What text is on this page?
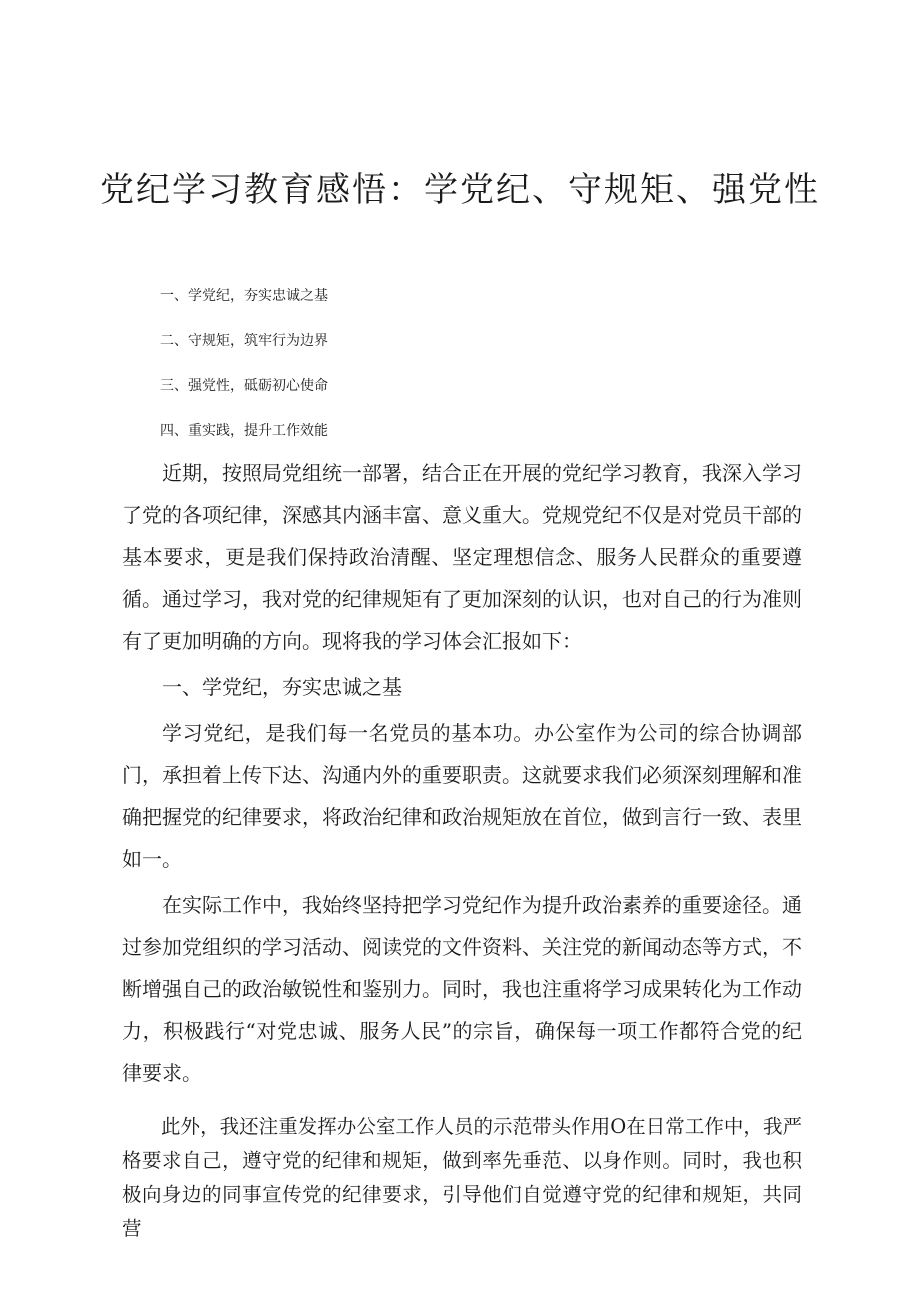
党纪学习教育感悟：学党纪、守规矩、强党性
一、学党纪，夯实忠诚之基
二、守规矩，筑牢行为边界
三、强党性，砥砺初心使命
四、重实践，提升工作效能

近期，按照局党组统一部署，结合正在开展的党纪学习教育，我深入学习了党的各项纪律，深感其内涵丰富、意义重大。党规党纪不仅是对党员干部的基本要求，更是我们保持政治清醒、坚定理想信念、服务人民群众的重要遵循。通过学习，我对党的纪律规矩有了更加深刻的认识，也对自己的行为准则有了更加明确的方向。现将我的学习体会汇报如下：

一、学党纪，夯实忠诚之基

学习党纪，是我们每一名党员的基本功。办公室作为公司的综合协调部门，承担着上传下达、沟通内外的重要职责。这就要求我们必须深刻理解和准确把握党的纪律要求，将政治纪律和政治规矩放在首位，做到言行一致、表里如一。

在实际工作中，我始终坚持把学习党纪作为提升政治素养的重要途径。通过参加党组织的学习活动、阅读党的文件资料、关注党的新闻动态等方式，不断增强自己的政治敏锐性和鉴别力。同时，我也注重将学习成果转化为工作动力，积极践行“对党忠诚、服务人民”的宗旨，确保每一项工作都符合党的纪律要求。

此外，我还注重发挥办公室工作人员的示范带头作用O在日常工作中，我严格要求自己，遵守党的纪律和规矩，做到率先垂范、以身作则。同时，我也积极向身边的同事宣传党的纪律要求，引导他们自觉遵守党的纪律和规矩，共同营
